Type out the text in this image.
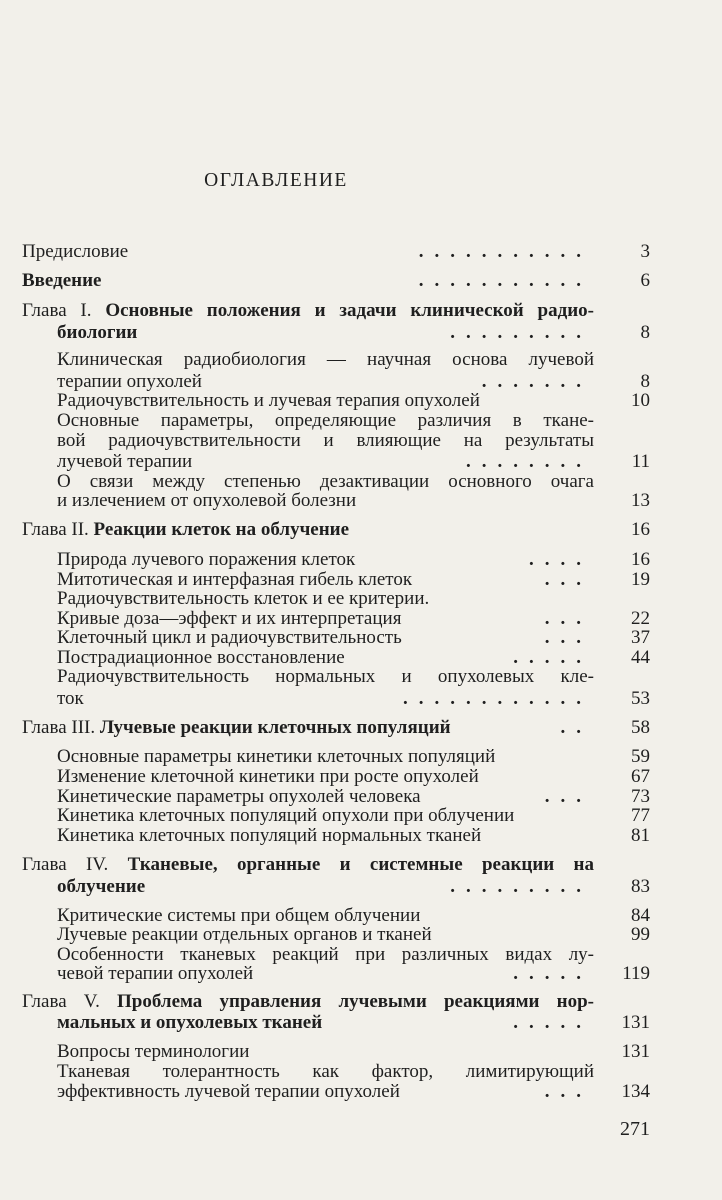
ОГЛАВЛЕНИЕ
Предисловие	...........	3
Введение	...........	6
Глава I. Основные положения и задачи клинической радио-
биологии	.........	8
Клиническая радиобиология — научная основа лучевой
терапии опухолей	.......	8
Радиочувствительность и лучевая терапия опухолей	10
Основные параметры, определяющие различия в ткане-
вой радиочувствительности и влияющие на результаты
лучевой терапии	........ 11
О связи между степенью дезактивации основного очага
и излечением от опухолевой болезни	13
Глава II. Реакции клеток на облучение	16
Природа лучевого поражения клеток	.... 16
Митотическая и интерфазная гибель клеток	... 19
Радиочувствительность клеток и ее критерии.
Кривые доза—эффект и их интерпретация	... 22
Клеточный цикл и радиочувствительность	... 37
Пострадиационное восстановление	..... 44
Радиочувствительность нормальных и опухолевых кле-
ток	............ 53
Глава III. Лучевые реакции клеточных популяций	.. 58
Основные параметры кинетики клеточных популяций	59
Изменение клеточной кинетики при росте опухолей	67
Кинетические параметры опухолей человека	... 73
Кинетика клеточных популяций опухоли при облучении	77
Кинетика клеточных популяций нормальных тканей	81
Глава IV. Тканевые, органные и системные реакции на
облучение	......... 83
Критические системы при общем облучении	84
Лучевые реакции отдельных органов и тканей	99
Особенности тканевых реакций при различных видах лу-
чевой терапии опухолей	..... 119
Глава V. Проблема управления лучевыми реакциями нор-
мальных и опухолевых тканей	..... 131
Вопросы терминологии	131
Тканевая толерантность как фактор, лимитирующий
эффективность лучевой терапии опухолей	... 134
271
